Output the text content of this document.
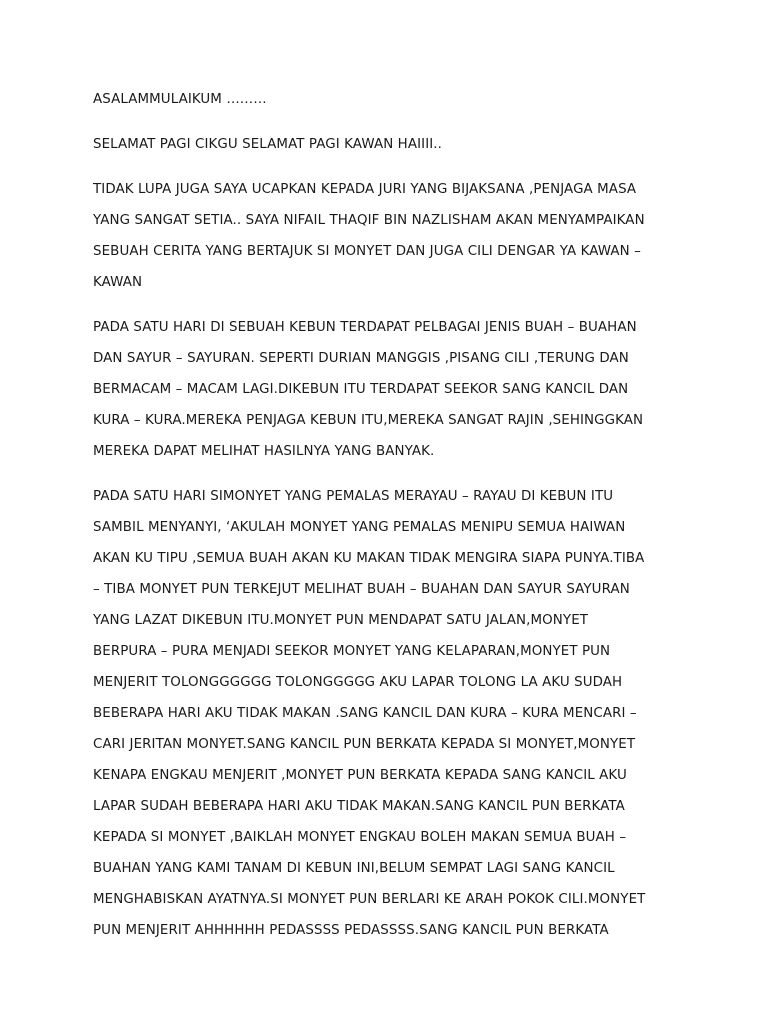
ASALAMMULAIKUM ………

SELAMAT PAGI CIKGU SELAMAT PAGI KAWAN HAIIII..

TIDAK LUPA JUGA SAYA UCAPKAN KEPADA JURI YANG BIJAKSANA ,PENJAGA MASA
YANG SANGAT SETIA.. SAYA NIFAIL THAQIF BIN NAZLISHAM AKAN MENYAMPAIKAN
SEBUAH CERITA YANG BERTAJUK SI MONYET DAN JUGA CILI DENGAR YA KAWAN –
KAWAN

PADA SATU HARI DI SEBUAH KEBUN TERDAPAT PELBAGAI JENIS BUAH – BUAHAN
DAN SAYUR – SAYURAN. SEPERTI DURIAN MANGGIS ,PISANG CILI ,TERUNG DAN
BERMACAM – MACAM LAGI.DIKEBUN ITU TERDAPAT SEEKOR SANG KANCIL DAN
KURA – KURA.MEREKA PENJAGA KEBUN ITU,MEREKA SANGAT RAJIN ,SEHINGGKAN
MEREKA DAPAT MELIHAT HASILNYA YANG BANYAK.

PADA SATU HARI SIMONYET YANG PEMALAS MERAYAU – RAYAU DI KEBUN ITU
SAMBIL MENYANYI, ‘AKULAH MONYET YANG PEMALAS MENIPU SEMUA HAIWAN
AKAN KU TIPU ,SEMUA BUAH AKAN KU MAKAN TIDAK MENGIRA SIAPA PUNYA.TIBA
– TIBA MONYET PUN TERKEJUT MELIHAT BUAH – BUAHAN DAN SAYUR SAYURAN
YANG LAZAT DIKEBUN ITU.MONYET PUN MENDAPAT SATU JALAN,MONYET
BERPURA – PURA MENJADI SEEKOR MONYET YANG KELAPARAN,MONYET PUN
MENJERIT TOLONGGGGGG TOLONGGGGG AKU LAPAR TOLONG LA AKU SUDAH
BEBERAPA HARI AKU TIDAK MAKAN .SANG KANCIL DAN KURA – KURA MENCARI –
CARI JERITAN MONYET.SANG KANCIL PUN BERKATA KEPADA SI MONYET,MONYET
KENAPA ENGKAU MENJERIT ,MONYET PUN BERKATA KEPADA SANG KANCIL AKU
LAPAR SUDAH BEBERAPA HARI AKU TIDAK MAKAN.SANG KANCIL PUN BERKATA
KEPADA SI MONYET ,BAIKLAH MONYET ENGKAU BOLEH MAKAN SEMUA BUAH –
BUAHAN YANG KAMI TANAM DI KEBUN INI,BELUM SEMPAT LAGI SANG KANCIL
MENGHABISKAN AYATNYA.SI MONYET PUN BERLARI KE ARAH POKOK CILI.MONYET
PUN MENJERIT AHHHHHH PEDASSSS PEDASSSS.SANG KANCIL PUN BERKATA
